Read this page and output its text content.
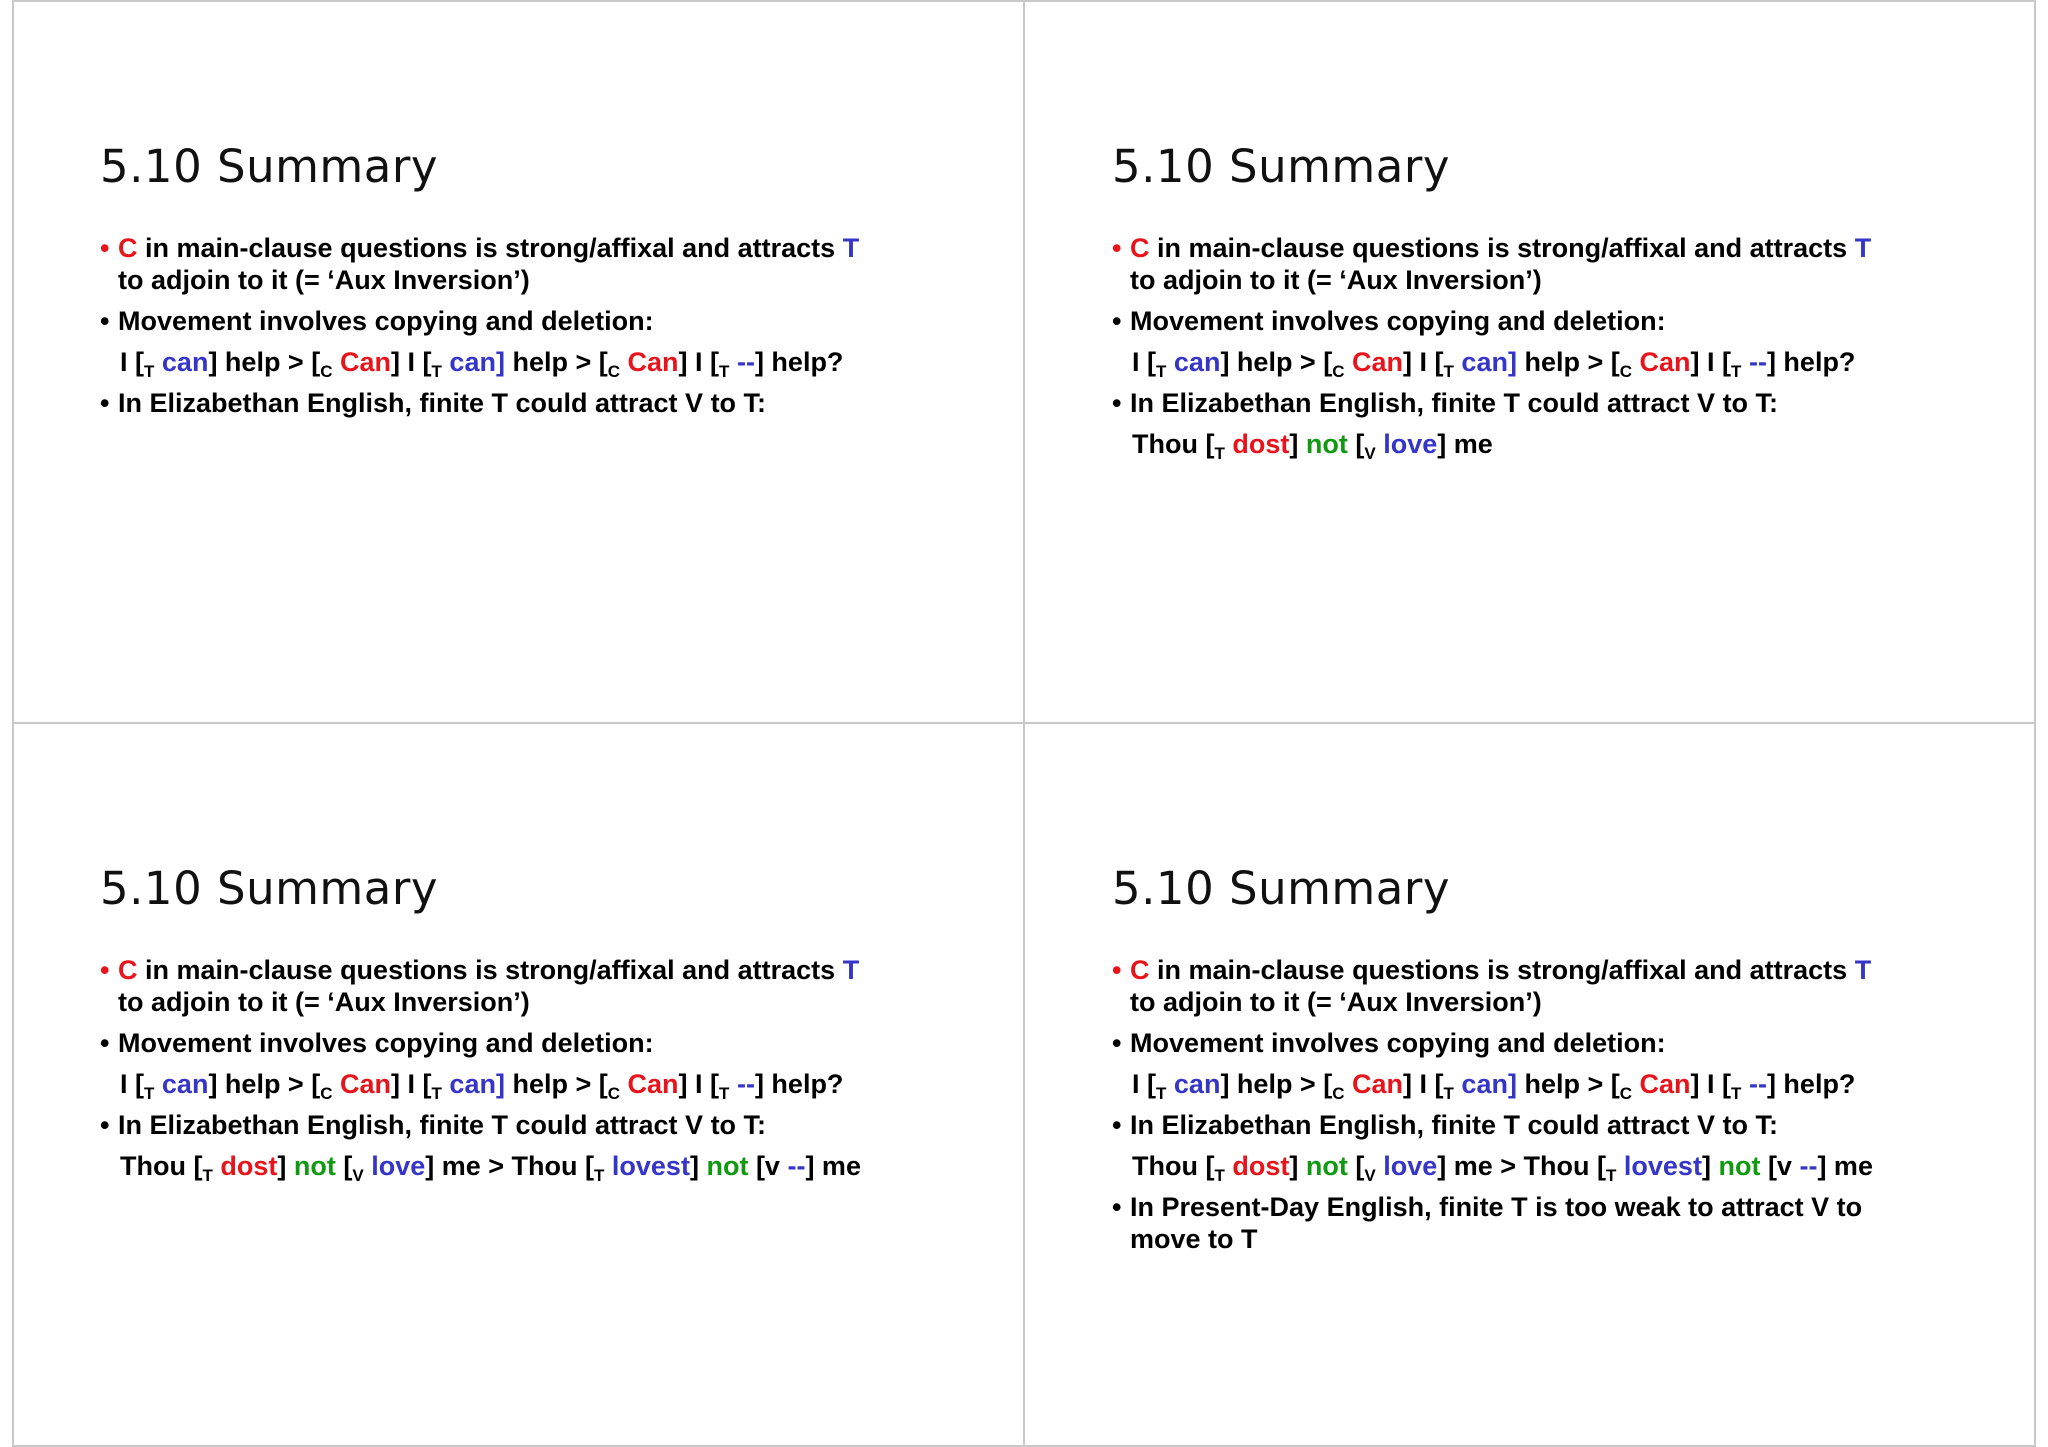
5.10 Summary
• C in main-clause questions is strong/affixal and attracts T
to adjoin to it (= ‘Aux Inversion’)
• Movement involves copying and deletion:
I [$_T$ can] help > [$_C$ Can] I [$_T$ can] help > [$_C$ Can] I [$_T$ --] help?
• In Elizabethan English, finite T could attract V to T:
5.10 Summary
• C in main-clause questions is strong/affixal and attracts T
to adjoin to it (= ‘Aux Inversion’)
• Movement involves copying and deletion:
I [$_T$ can] help > [$_C$ Can] I [$_T$ can] help > [$_C$ Can] I [$_T$ --] help?
• In Elizabethan English, finite T could attract V to T:
Thou [$_T$ dost] not [$_V$ love] me
5.10 Summary
• C in main-clause questions is strong/affixal and attracts T
to adjoin to it (= ‘Aux Inversion’)
• Movement involves copying and deletion:
I [$_T$ can] help > [$_C$ Can] I [$_T$ can] help > [$_C$ Can] I [$_T$ --] help?
• In Elizabethan English, finite T could attract V to T:
Thou [$_T$ dost] not [$_V$ love] me > Thou [$_T$ lovest] not [v --] me
5.10 Summary
• C in main-clause questions is strong/affixal and attracts T
to adjoin to it (= ‘Aux Inversion’)
• Movement involves copying and deletion:
I [$_T$ can] help > [$_C$ Can] I [$_T$ can] help > [$_C$ Can] I [$_T$ --] help?
• In Elizabethan English, finite T could attract V to T:
Thou [$_T$ dost] not [$_V$ love] me > Thou [$_T$ lovest] not [v --] me
• In Present-Day English, finite T is too weak to attract V to
move to T
